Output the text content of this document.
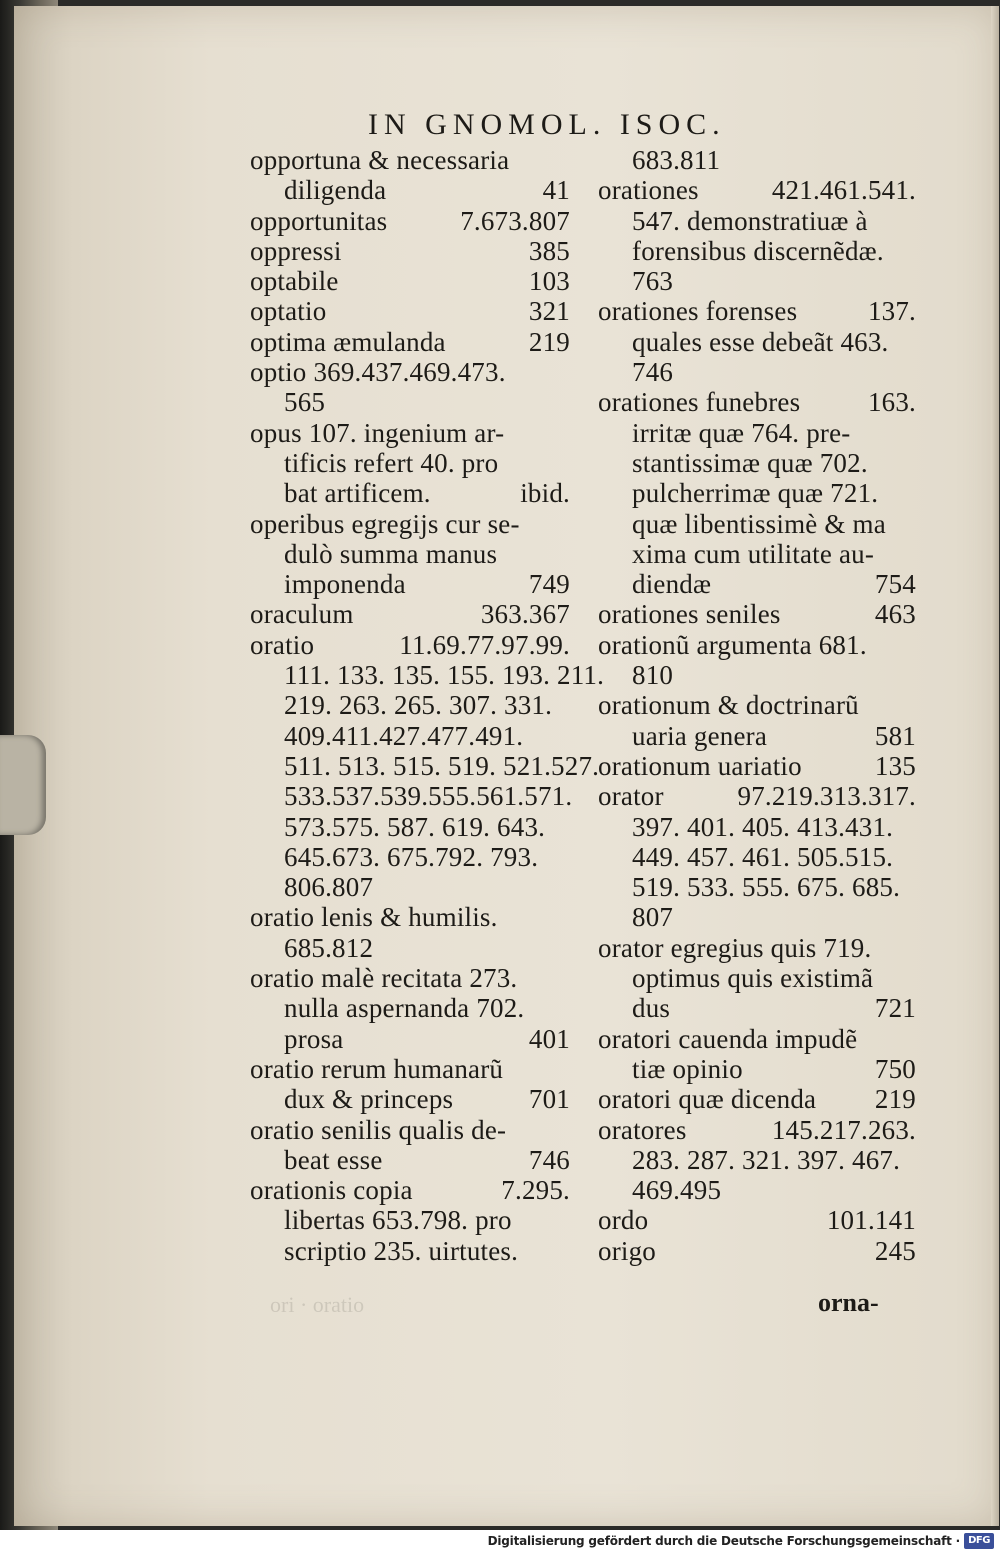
IN GNOMOL. ISOC.
opportuna & necessaria
diligenda	41
opportunitas	7.673.807
oppressi	385
optabile	103
optatio	321
optima æmulanda	219
optio 369.437.469.473.
565
opus 107. ingenium ar-
tificis refert 40. pro
bat artificem.	ibid.
operibus egregijs cur se-
dulò summa manus
imponenda	749
oraculum	363.367
oratio	11.69.77.97.99.
111. 133. 135. 155. 193. 211.
219. 263. 265. 307. 331.
409.411.427.477.491.
511. 513. 515. 519. 521.527.
533.537.539.555.561.571.
573.575. 587. 619. 643.
645.673. 675.792. 793.
806.807
oratio lenis & humilis.
685.812
oratio malè recitata 273.
nulla aspernanda 702.
prosa	401
oratio rerum humanarũ
dux & princeps	701
oratio senilis qualis de-
beat esse	746
orationis copia	7.295.
libertas 653.798. pro
scriptio 235. uirtutes.
683.811
orationes	421.461.541.
547. demonstratiuæ à
forensibus discernẽdæ.
763
orationes forenses	137.
quales esse debeãt 463.
746
orationes funebres	163.
irritæ quæ 764. pre-
stantissimæ quæ 702.
pulcherrimæ quæ 721.
quæ libentissimè & ma
xima cum utilitate au-
diendæ	754
orationes seniles	463
orationũ argumenta 681.
810
orationum & doctrinarũ
uaria genera	581
orationum uariatio	135
orator	97.219.313.317.
397. 401. 405. 413.431.
449. 457. 461. 505.515.
519. 533. 555. 675. 685.
807
orator egregius quis 719.
optimus quis existimã
dus	721
oratori cauenda impudẽ
tiæ opinio	750
oratori quæ dicenda 219
oratores	145.217.263.
283. 287. 321. 397. 467.
469.495
ordo	101.141
origo	245
ori · oratio	orna-
Digitalisierung gefördert durch die Deutsche Forschungsgemeinschaft · DFG
